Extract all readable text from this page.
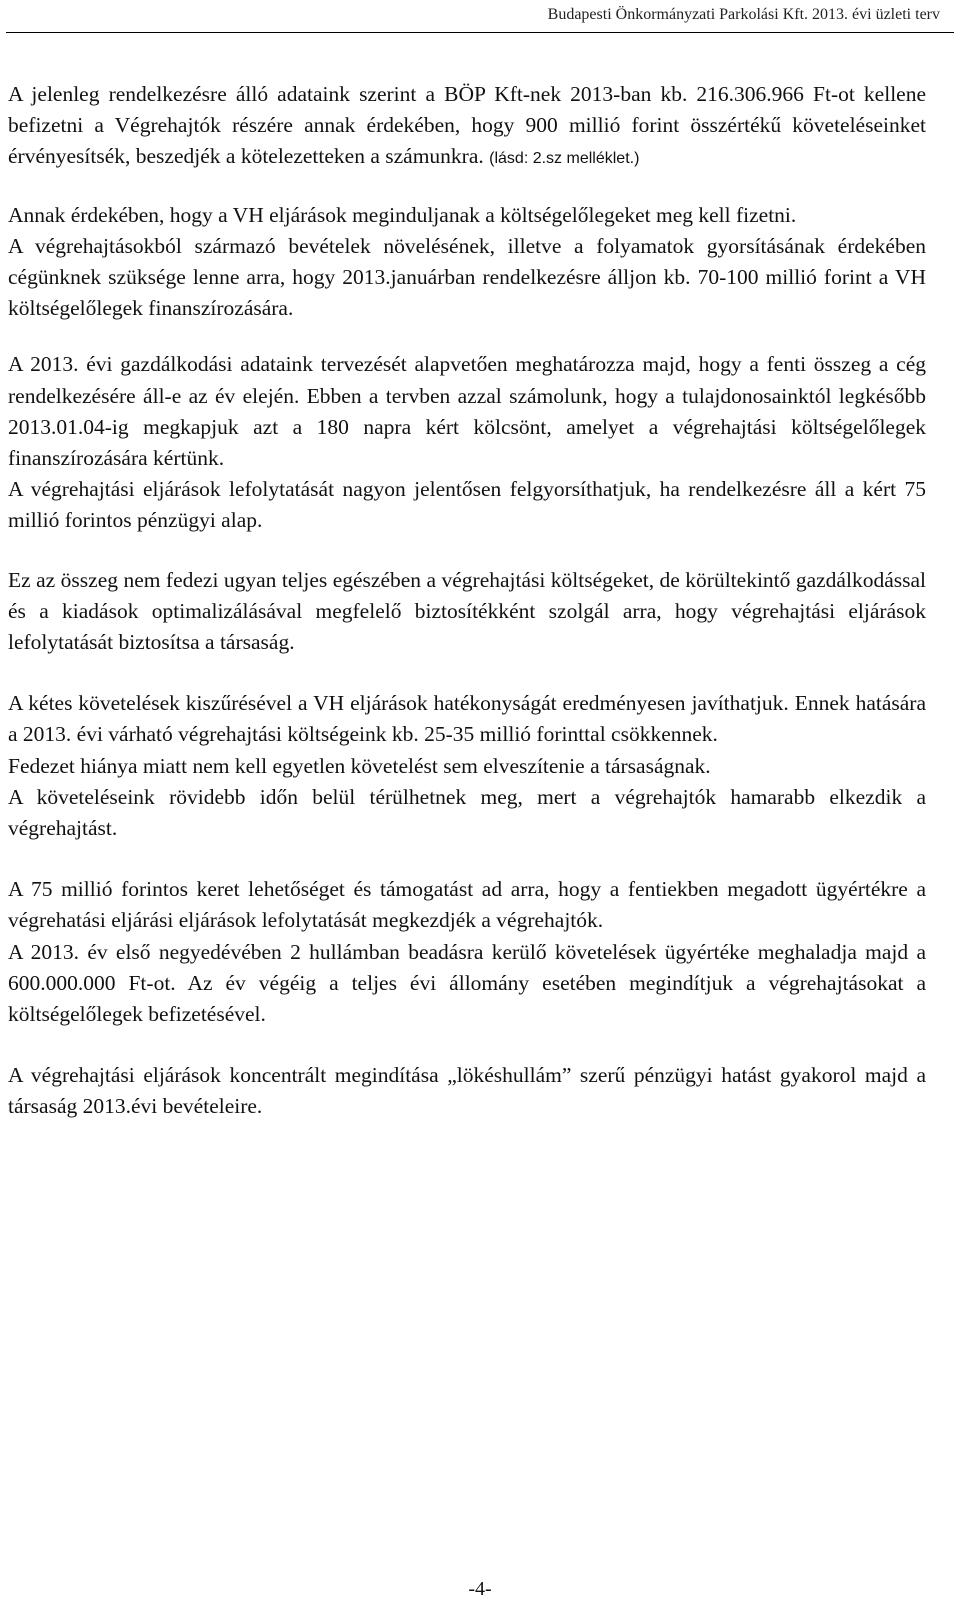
Budapesti Önkormányzati Parkolási Kft. 2013. évi üzleti terv

A jelenleg rendelkezésre álló adataink szerint a BÖP Kft-nek 2013-ban kb. 216.306.966 Ft-ot kellene befizetni a Végrehajtók részére annak érdekében, hogy 900 millió forint összértékű követeléseinket érvényesítsék, beszedjék a kötelezetteken a számunkra. (lásd: 2.sz melléklet.)

Annak érdekében, hogy a VH eljárások meginduljanak a költségelőlegeket meg kell fizetni.

A végrehajtásokból származó bevételek növelésének, illetve a folyamatok gyorsításának érdekében cégünknek szüksége lenne arra, hogy 2013.januárban rendelkezésre álljon kb. 70-100 millió forint a VH költségelőlegek finanszírozására.

A 2013. évi gazdálkodási adataink tervezését alapvetően meghatározza majd, hogy a fenti összeg a cég rendelkezésére áll-e az év elején. Ebben a tervben azzal számolunk, hogy a tulajdonosainktól legkésőbb 2013.01.04-ig megkapjuk azt a 180 napra kért kölcsönt, amelyet a végrehajtási költségelőlegek finanszírozására kértünk.

A végrehajtási eljárások lefolytatását nagyon jelentősen felgyorsíthatjuk, ha rendelkezésre áll a kért 75 millió forintos pénzügyi alap.

Ez az összeg nem fedezi ugyan teljes egészében a végrehajtási költségeket, de körültekintő gazdálkodással és a kiadások optimalizálásával megfelelő biztosítékként szolgál arra, hogy végrehajtási eljárások lefolytatását biztosítsa a társaság.

A kétes követelések kiszűrésével a VH eljárások hatékonyságát eredményesen javíthatjuk. Ennek hatására a 2013. évi várható végrehajtási költségeink kb. 25-35 millió forinttal csökkennek.

Fedezet hiánya miatt nem kell egyetlen követelést sem elveszítenie a társaságnak.

A követeléseink rövidebb időn belül térülhetnek meg, mert a végrehajtók hamarabb elkezdik a végrehajtást.

A 75 millió forintos keret lehetőséget és támogatást ad arra, hogy a fentiekben megadott ügyértékre a végrehatási eljárási eljárások lefolytatását megkezdjék a végrehajtók.

A 2013. év első negyedévében 2 hullámban beadásra kerülő követelések ügyértéke meghaladja majd a 600.000.000 Ft-ot. Az év végéig a teljes évi állomány esetében megindítjuk a végrehajtásokat a költségelőlegek befizetésével.

A végrehajtási eljárások koncentrált megindítása „lökéshullám” szerű pénzügyi hatást gyakorol majd a társaság 2013.évi bevételeire.

-4-
